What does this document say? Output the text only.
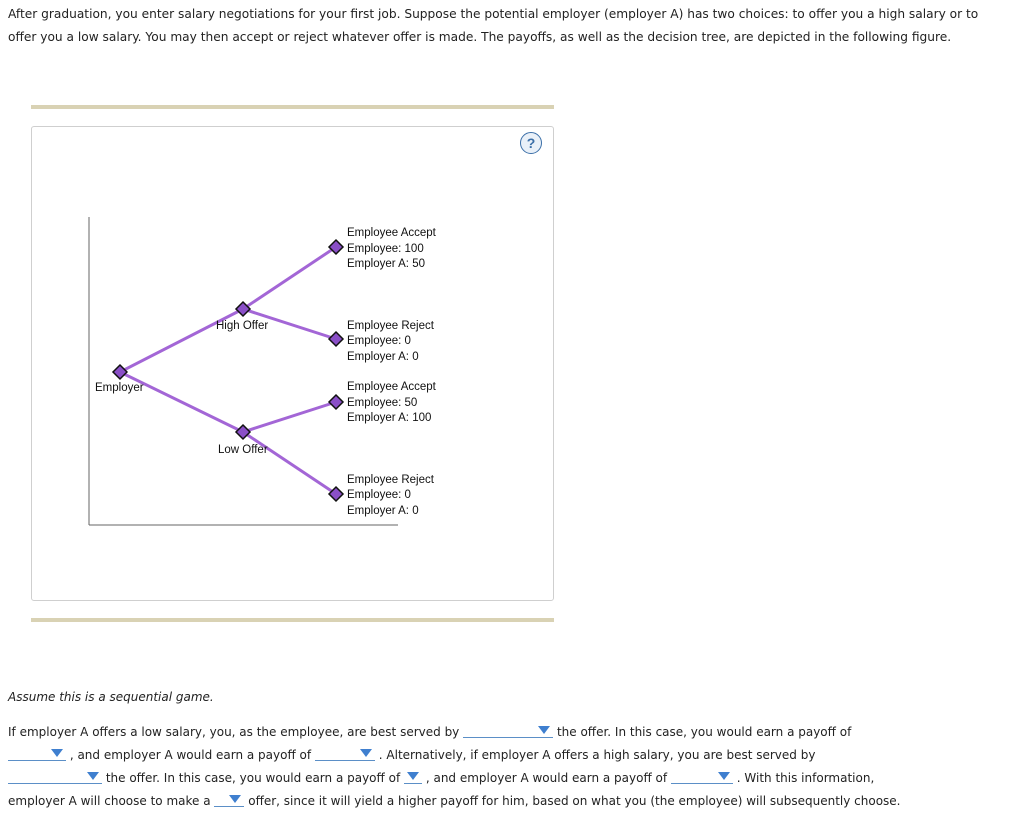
After graduation, you enter salary negotiations for your first job. Suppose the potential employer (employer A) has two choices: to offer you a high salary or to offer you a low salary. You may then accept or reject whatever offer is made. The payoffs, as well as the decision tree, are depicted in the following figure.

?
Employer
High Offer
Low Offer
Employee Accept
Employee: 100
Employer A: 50
Employee Reject
Employee: 0
Employer A: 0
Employee Accept
Employee: 50
Employer A: 100
Employee Reject
Employee: 0
Employer A: 0

Assume this is a sequential game.

If employer A offers a low salary, you, as the employee, are best served by	the offer. In this case, you would earn a payoff of

, and employer A would earn a payoff of	. Alternatively, if employer A offers a high salary, you are best served by

the offer. In this case, you would earn a payoff of , and employer A would earn a payoff of	. With this information,
employer A will choose to make a	offer, since it will yield a higher payoff for him, based on what you (the employee) will subsequently choose.
